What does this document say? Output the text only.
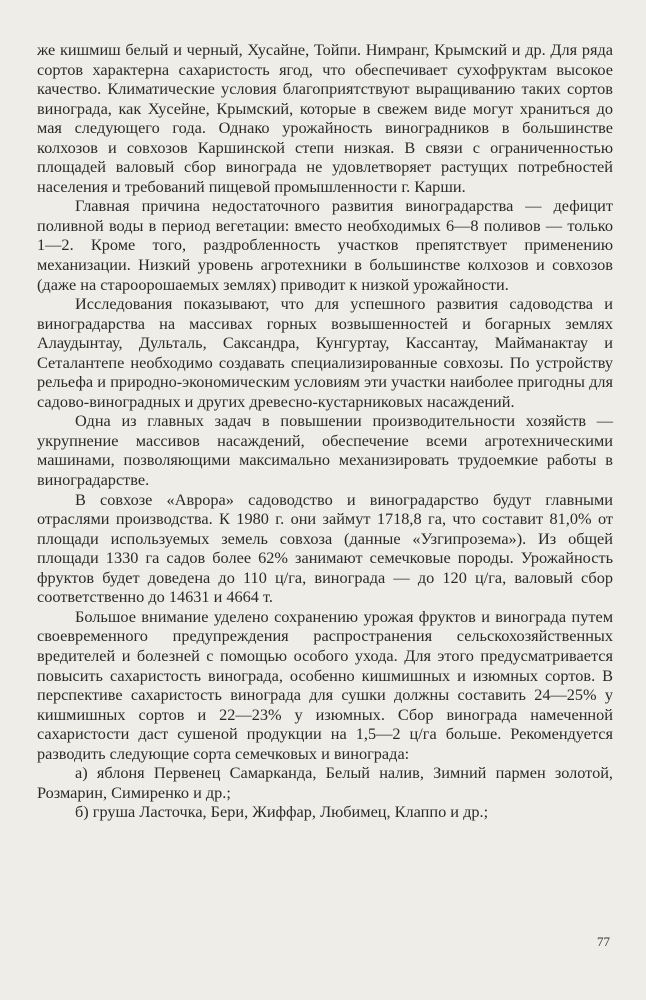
же кишмиш белый и черный, Хусайне, Тойпи. Нимранг, Крымский и др. Для ряда сортов характерна сахаристость ягод, что обеспечивает сухофруктам высокое качество. Климатические условия благоприятствуют выращиванию таких сортов винограда, как Хусейне, Крымский, которые в свежем виде могут храниться до мая следующего года. Однако урожайность виноградников в большинстве колхозов и совхозов Каршинской степи низкая. В связи с ограниченностью площадей валовый сбор винограда не удовлетворяет растущих потребностей населения и требований пищевой промышленности г. Карши.

Главная причина недостаточного развития виноградарства — дефицит поливной воды в период вегетации: вместо необходимых 6—8 поливов — только 1—2. Кроме того, раздробленность участков препятствует применению механизации. Низкий уровень агротехники в большинстве колхозов и совхозов (даже на староорошаемых землях) приводит к низкой урожайности.

Исследования показывают, что для успешного развития садоводства и виноградарства на массивах горных возвышенностей и богарных землях Алаудынтау, Дульталь, Саксандра, Кунгуртау, Кассантау, Майманактау и Сеталантепе необходимо создавать специализированные совхозы. По устройству рельефа и природно-экономическим условиям эти участки наиболее пригодны для садово-виноградных и других древесно-кустарниковых насаждений.

Одна из главных задач в повышении производительности хозяйств — укрупнение массивов насаждений, обеспечение всеми агротехническими машинами, позволяющими максимально механизировать трудоемкие работы в виноградарстве.

В совхозе «Аврора» садоводство и виноградарство будут главными отраслями производства. К 1980 г. они займут 1718,8 га, что составит 81,0% от площади используемых земель совхоза (данные «Узгипрозема»). Из общей площади 1330 га садов более 62% занимают семечковые породы. Урожайность фруктов будет доведена до 110 ц/га, винограда — до 120 ц/га, валовый сбор соответственно до 14631 и 4664 т.

Большое внимание уделено сохранению урожая фруктов и винограда путем своевременного предупреждения распространения сельскохозяйственных вредителей и болезней с помощью особого ухода. Для этого предусматривается повысить сахаристость винограда, особенно кишмишных и изюмных сортов. В перспективе сахаристость винограда для сушки должны составить 24—25% у кишмишных сортов и 22—23% у изюмных. Сбор винограда намеченной сахаристости даст сушеной продукции на 1,5—2 ц/га больше. Рекомендуется разводить следующие сорта семечковых и винограда:

а) яблоня Первенец Самарканда, Белый налив, Зимний пармен золотой, Розмарин, Симиренко и др.;

б) груша Ласточка, Бери, Жиффар, Любимец, Клаппо и др.;

77
